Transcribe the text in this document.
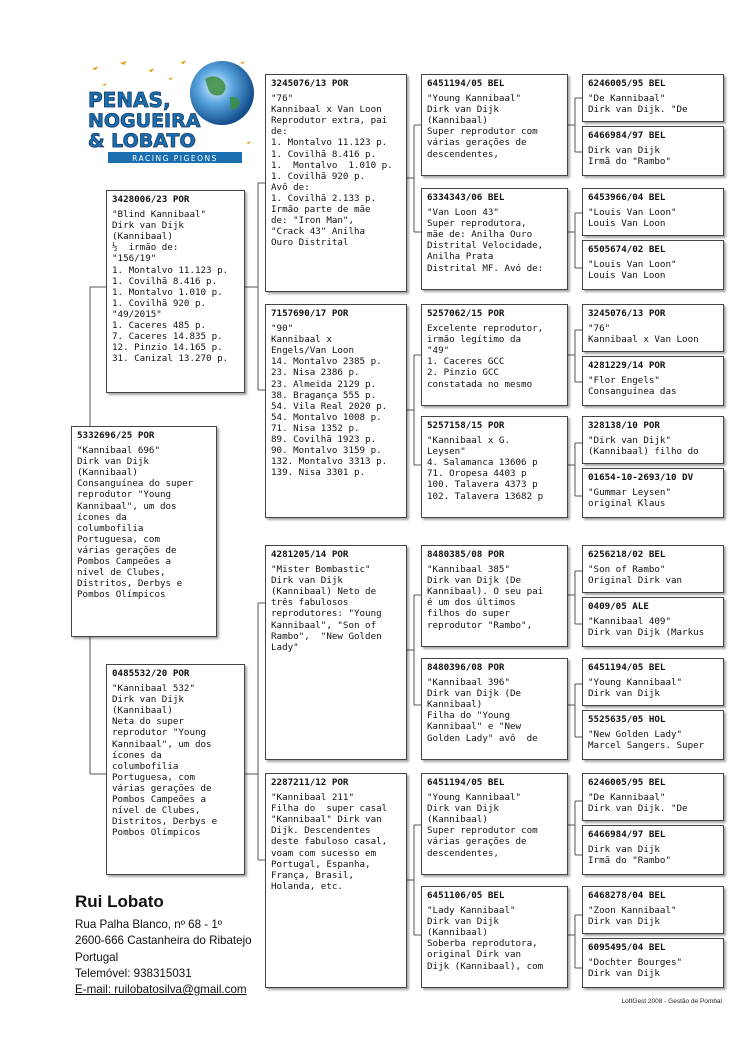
PENAS,
NOGUEIRA
& LOBATO
RACING PIGEONS
5332696/25 POR
"Kannibaal 696"
Dirk van Dijk
(Kannibaal)
Consanguínea do super
reprodutor "Young
Kannibaal", um dos
ícones da
columbofilia
Portuguesa, com
várias gerações de
Pombos Campeões a
nível de Clubes,
Distritos, Derbys e
Pombos Olímpicos
3428006/23 POR
"Blind Kannibaal"
Dirk van Dijk
(Kannibaal)
½  irmão de:
"156/19"
1. Montalvo 11.123 p.
1. Covilhã 8.416 p.
1. Montalvo 1.010 p.
1. Covilhã 920 p.
"49/2015"
1. Caceres 485 p.
7. Caceres 14.835 p.
12. Pinzio 14.165 p.
31. Canizal 13.270 p.
0485532/20 POR
"Kannibaal 532"
Dirk van Dijk
(Kannibaal)
Neta do super
reprodutor "Young
Kannibaal", um dos
ícones da
columbofilia
Portuguesa, com
várias gerações de
Pombos Campeões a
nível de Clubes,
Distritos, Derbys e
Pombos Olímpicos
3245076/13 POR
"76"
Kannibaal x Van Loon
Reprodutor extra, pai
de:
1. Montalvo 11.123 p.
1. Covilhã 8.416 p.
1.  Montalvo  1.010 p.
1. Covilhã 920 p.
Avô de:
1. Covilhã 2.133 p.
Irmão parte de mãe
de: "Iron Man",
"Crack 43" Anilha
Ouro Distrital
7157690/17 POR
"90"
Kannibaal x
Engels/Van Loon
14. Montalvo 2385 p.
23. Nisa 2386 p.
23. Almeida 2129 p.
38. Bragança 555 p.
54. Vila Real 2020 p.
54. Montalvo 1008 p.
71. Nisa 1352 p.
89. Covilhã 1923 p.
90. Montalvo 3159 p.
132. Montalvo 3313 p.
139. Nisa 3301 p.
4281205/14 POR
"Mister Bombastic"
Dirk van Dijk
(Kannibaal) Neto de
três fabulosos
reprodutores: "Young
Kannibaal", "Son of
Rambo",  "New Golden
Lady"
2287211/12 POR
"Kannibaal 211"
Filha do  super casal
"Kannibaal" Dirk van
Dijk. Descendentes
deste fabuloso casal,
voam com sucesso em
Portugal, Espanha,
França, Brasil,
Holanda, etc.
6451194/05 BEL
"Young Kannibaal"
Dirk van Dijk
(Kannibaal)
Super reprodutor com
várias gerações de
descendentes,
6334343/06 BEL
"Van Loon 43"
Super reprodutora,
mãe de: Anilha Ouro
Distrital Velocidade,
Anilha Prata
Distrital MF. Avó de:
5257062/15 POR
Excelente reprodutor,
irmão legítimo da
"49"
1. Caceres GCC
2. Pinzio GCC
constatada no mesmo
5257158/15 POR
"Kannibaal x G.
Leysen"
4. Salamanca 13606 p
71. Oropesa 4403 p
100. Talavera 4373 p
102. Talavera 13682 p
8480385/08 POR
"Kannibaal 385"
Dirk van Dijk (De
Kannibaal). O seu pai
é um dos últimos
filhos do super
reprodutor "Rambo",
8480396/08 POR
"Kannibaal 396"
Dirk van Dijk (De
Kannibaal)
Filha do "Young
Kannibaal" e "New
Golden Lady" avô  de
6451194/05 BEL
"Young Kannibaal"
Dirk van Dijk
(Kannibaal)
Super reprodutor com
várias gerações de
descendentes,
6451106/05 BEL
"Lady Kannibaal"
Dirk van Dijk
(Kannibaal)
Soberba reprodutora,
original Dirk van
Dijk (Kannibaal), com
6246005/95 BEL
"De Kannibaal"
Dirk van Dijk. "De
6466984/97 BEL
Dirk van Dijk
Irmã do "Rambo"
6453966/04 BEL
"Louis Van Loon"
Louis Van Loon
6505674/02 BEL
"Louis Van Loon"
Louis Van Loon
3245076/13 POR
"76"
Kannibaal x Van Loon
4281229/14 POR
"Flor Engels"
Consanguínea das
328138/10 POR
"Dirk van Dijk"
(Kannibaal) filho do
01654-10-2693/10 DV
"Gummar Leysen"
original Klaus
6256218/02 BEL
"Son of Rambo"
Original Dirk van
0409/05 ALE
"Kannibaal 409"
Dirk van Dijk (Markus
6451194/05 BEL
"Young Kannibaal"
Dirk van Dijk
5525635/05 HOL
"New Golden Lady"
Marcel Sangers. Super
6246005/95 BEL
"De Kannibaal"
Dirk van Dijk. "De
6466984/97 BEL
Dirk van Dijk
Irmã do "Rambo"
6468278/04 BEL
"Zoon Kannibaal"
Dirk van Dijk
6095495/04 BEL
"Dochter Bourges"
Dirk van Dijk
Rui Lobato
Rua Palha Blanco, nº 68 - 1º
2600-666 Castanheira do Ribatejo
Portugal
Telemóvel: 938315031
E-mail: ruilobatosilva@gmail.com
LoftGest 2008 - Gestão de Pombal
